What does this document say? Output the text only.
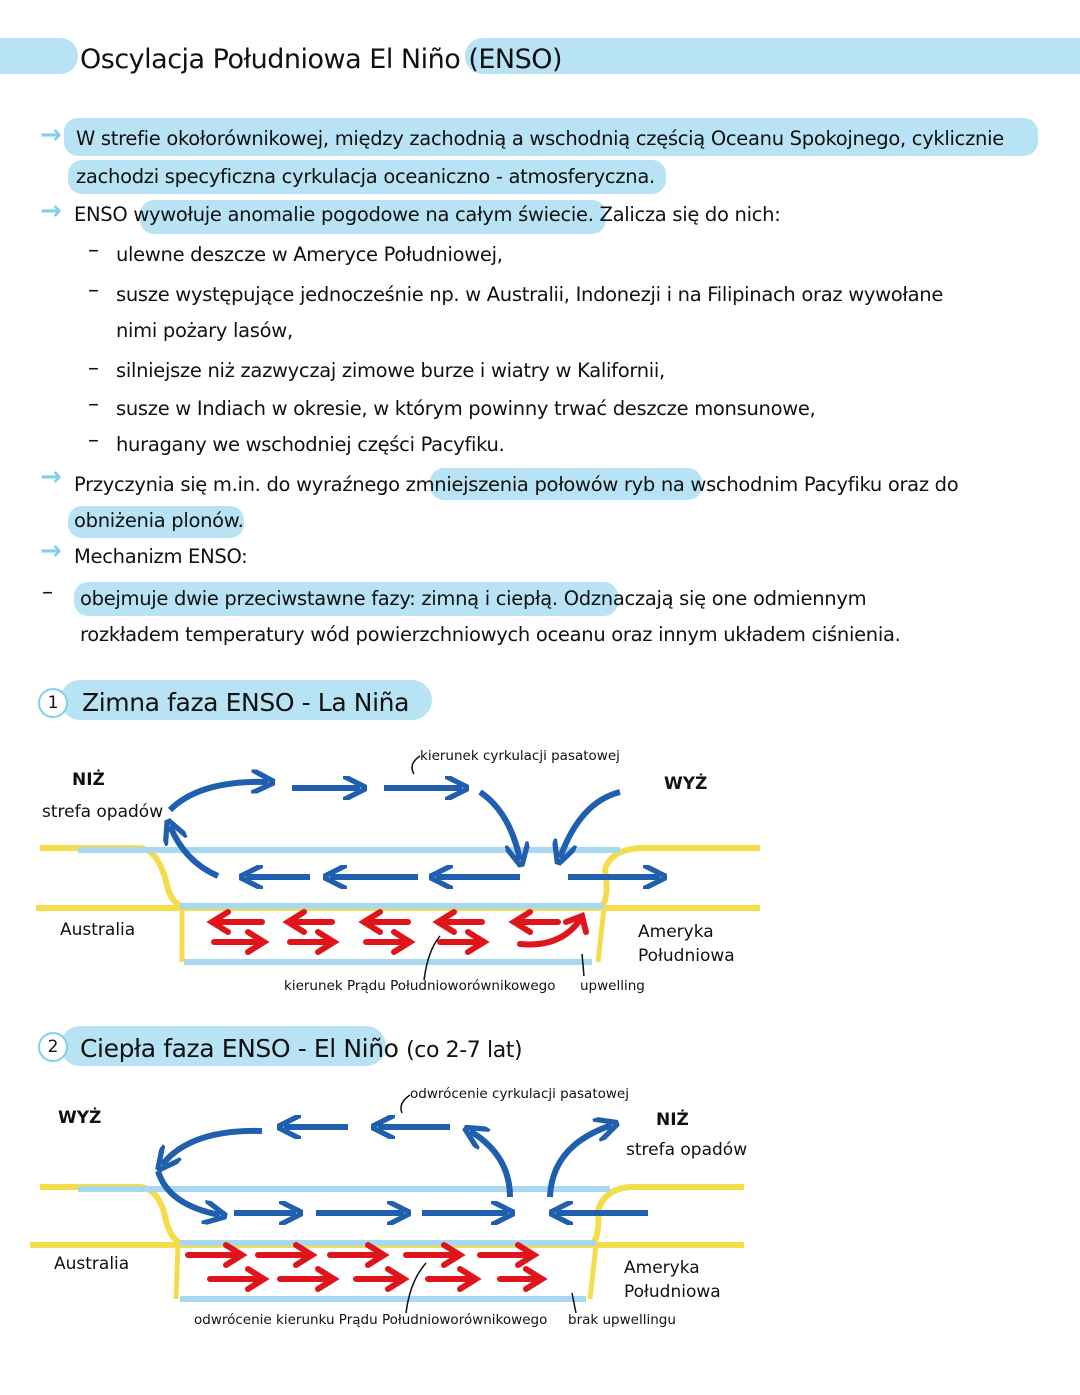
Oscylacja Południowa El Niño (ENSO)
→ W strefie okołorównikowej, między zachodnią a wschodnią częścią Oceanu Spokojnego, cyklicznie
zachodzi specyficzna cyrkulacja oceaniczno - atmosferyczna.
→ ENSO wywołuje anomalie pogodowe na całym świecie. Zalicza się do nich:
– ulewne deszcze w Ameryce Południowej,
– susze występujące jednocześnie np. w Australii, Indonezji i na Filipinach oraz wywołane
nimi pożary lasów,
– silniejsze niż zazwyczaj zimowe burze i wiatry w Kalifornii,
– susze w Indiach w okresie, w którym powinny trwać deszcze monsunowe,
– huragany we wschodniej części Pacyfiku.
→ Przyczynia się m.in. do wyraźnego zmniejszenia połowów ryb na wschodnim Pacyfiku oraz do
obniżenia plonów.
→ Mechanizm ENSO:
– obejmuje dwie przeciwstawne fazy: zimną i ciepłą. Odznaczają się one odmiennym
rozkładem temperatury wód powierzchniowych oceanu oraz innym układem ciśnienia.
1 Zimna faza ENSO - La Niña
NIŻ
strefa opadów
WYŻ
kierunek cyrkulacji pasatowej
Australia	Ameryka Południowa
kierunek Prądu Południoworównikowego upwelling
2 Ciepła faza ENSO - El Niño (co 2-7 lat)
WYŻ	NIŻ
strefa opadów
odwrócenie cyrkulacji pasatowej
Australia	Ameryka Południowa
odwrócenie kierunku Prądu Południoworównikowego brak upwellingu
